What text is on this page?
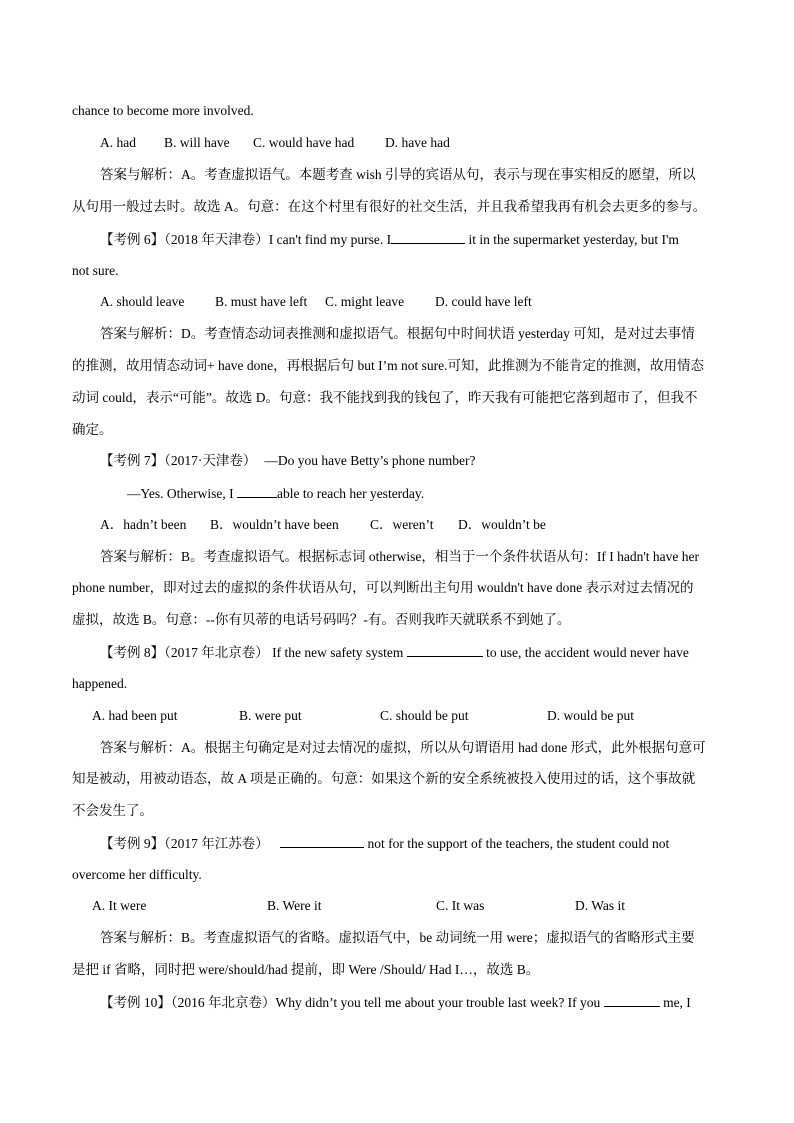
chance to become more involved.
A. had	B. will have	C. would have had	D. have had
答案与解析：A。考查虚拟语气。本题考查 wish 引导的宾语从句，表示与现在事实相反的愿望，所以
从句用一般过去时。故选 A。句意：在这个村里有很好的社交生活，并且我希望我再有机会去更多的参与。
【考例 6】（2018 年天津卷）I can't find my purse. I	it in the supermarket yesterday, but I'm
not sure.
A. should leave	B. must have left	C. might leave	D. could have left
答案与解析：D。考查情态动词表推测和虚拟语气。根据句中时间状语 yesterday 可知，是对过去事情
的推测，故用情态动词+ have done，再根据后句 but I’m not sure.可知，此推测为不能肯定的推测，故用情态
动词 could，表示“可能”。故选 D。句意：我不能找到我的钱包了，昨天我有可能把它落到超市了，但我不
确定。
【考例 7】（2017·天津卷） —Do you have Betty’s phone number?
—Yes. Otherwise, I	able to reach her yesterday.
A．hadn’t been	B．wouldn’t have been	C．weren’t	D．wouldn’t be
答案与解析：B。考查虚拟语气。根据标志词 otherwise，相当于一个条件状语从句：If I hadn't have her
phone number，即对过去的虚拟的条件状语从句，可以判断出主句用 wouldn't have done 表示对过去情况的
虚拟，故选 B。句意：--你有贝蒂的电话号码吗？-有。否则我昨天就联系不到她了。
【考例 8】（2017 年北京卷） If the new safety system	to use, the accident would never have
happened.
A. had been put	B. were put	C. should be put	D. would be put
答案与解析：A。根据主句确定是对过去情况的虚拟，所以从句谓语用 had done 形式，此外根据句意可
知是被动，用被动语态，故 A 项是正确的。句意：如果这个新的安全系统被投入使用过的话，这个事故就
不会发生了。
【考例 9】（2017 年江苏卷）	not for the support of the teachers, the student could not
overcome her difficulty.
A. It were	B. Were it	C. It was	D. Was it
答案与解析：B。考查虚拟语气的省略。虚拟语气中，be 动词统一用 were；虚拟语气的省略形式主要
是把 if 省略，同时把 were/should/had 提前，即 Were /Should/ Had I…，故选 B。
【考例 10】（2016 年北京卷）Why didn’t you tell me about your trouble last week? If you	me, I
